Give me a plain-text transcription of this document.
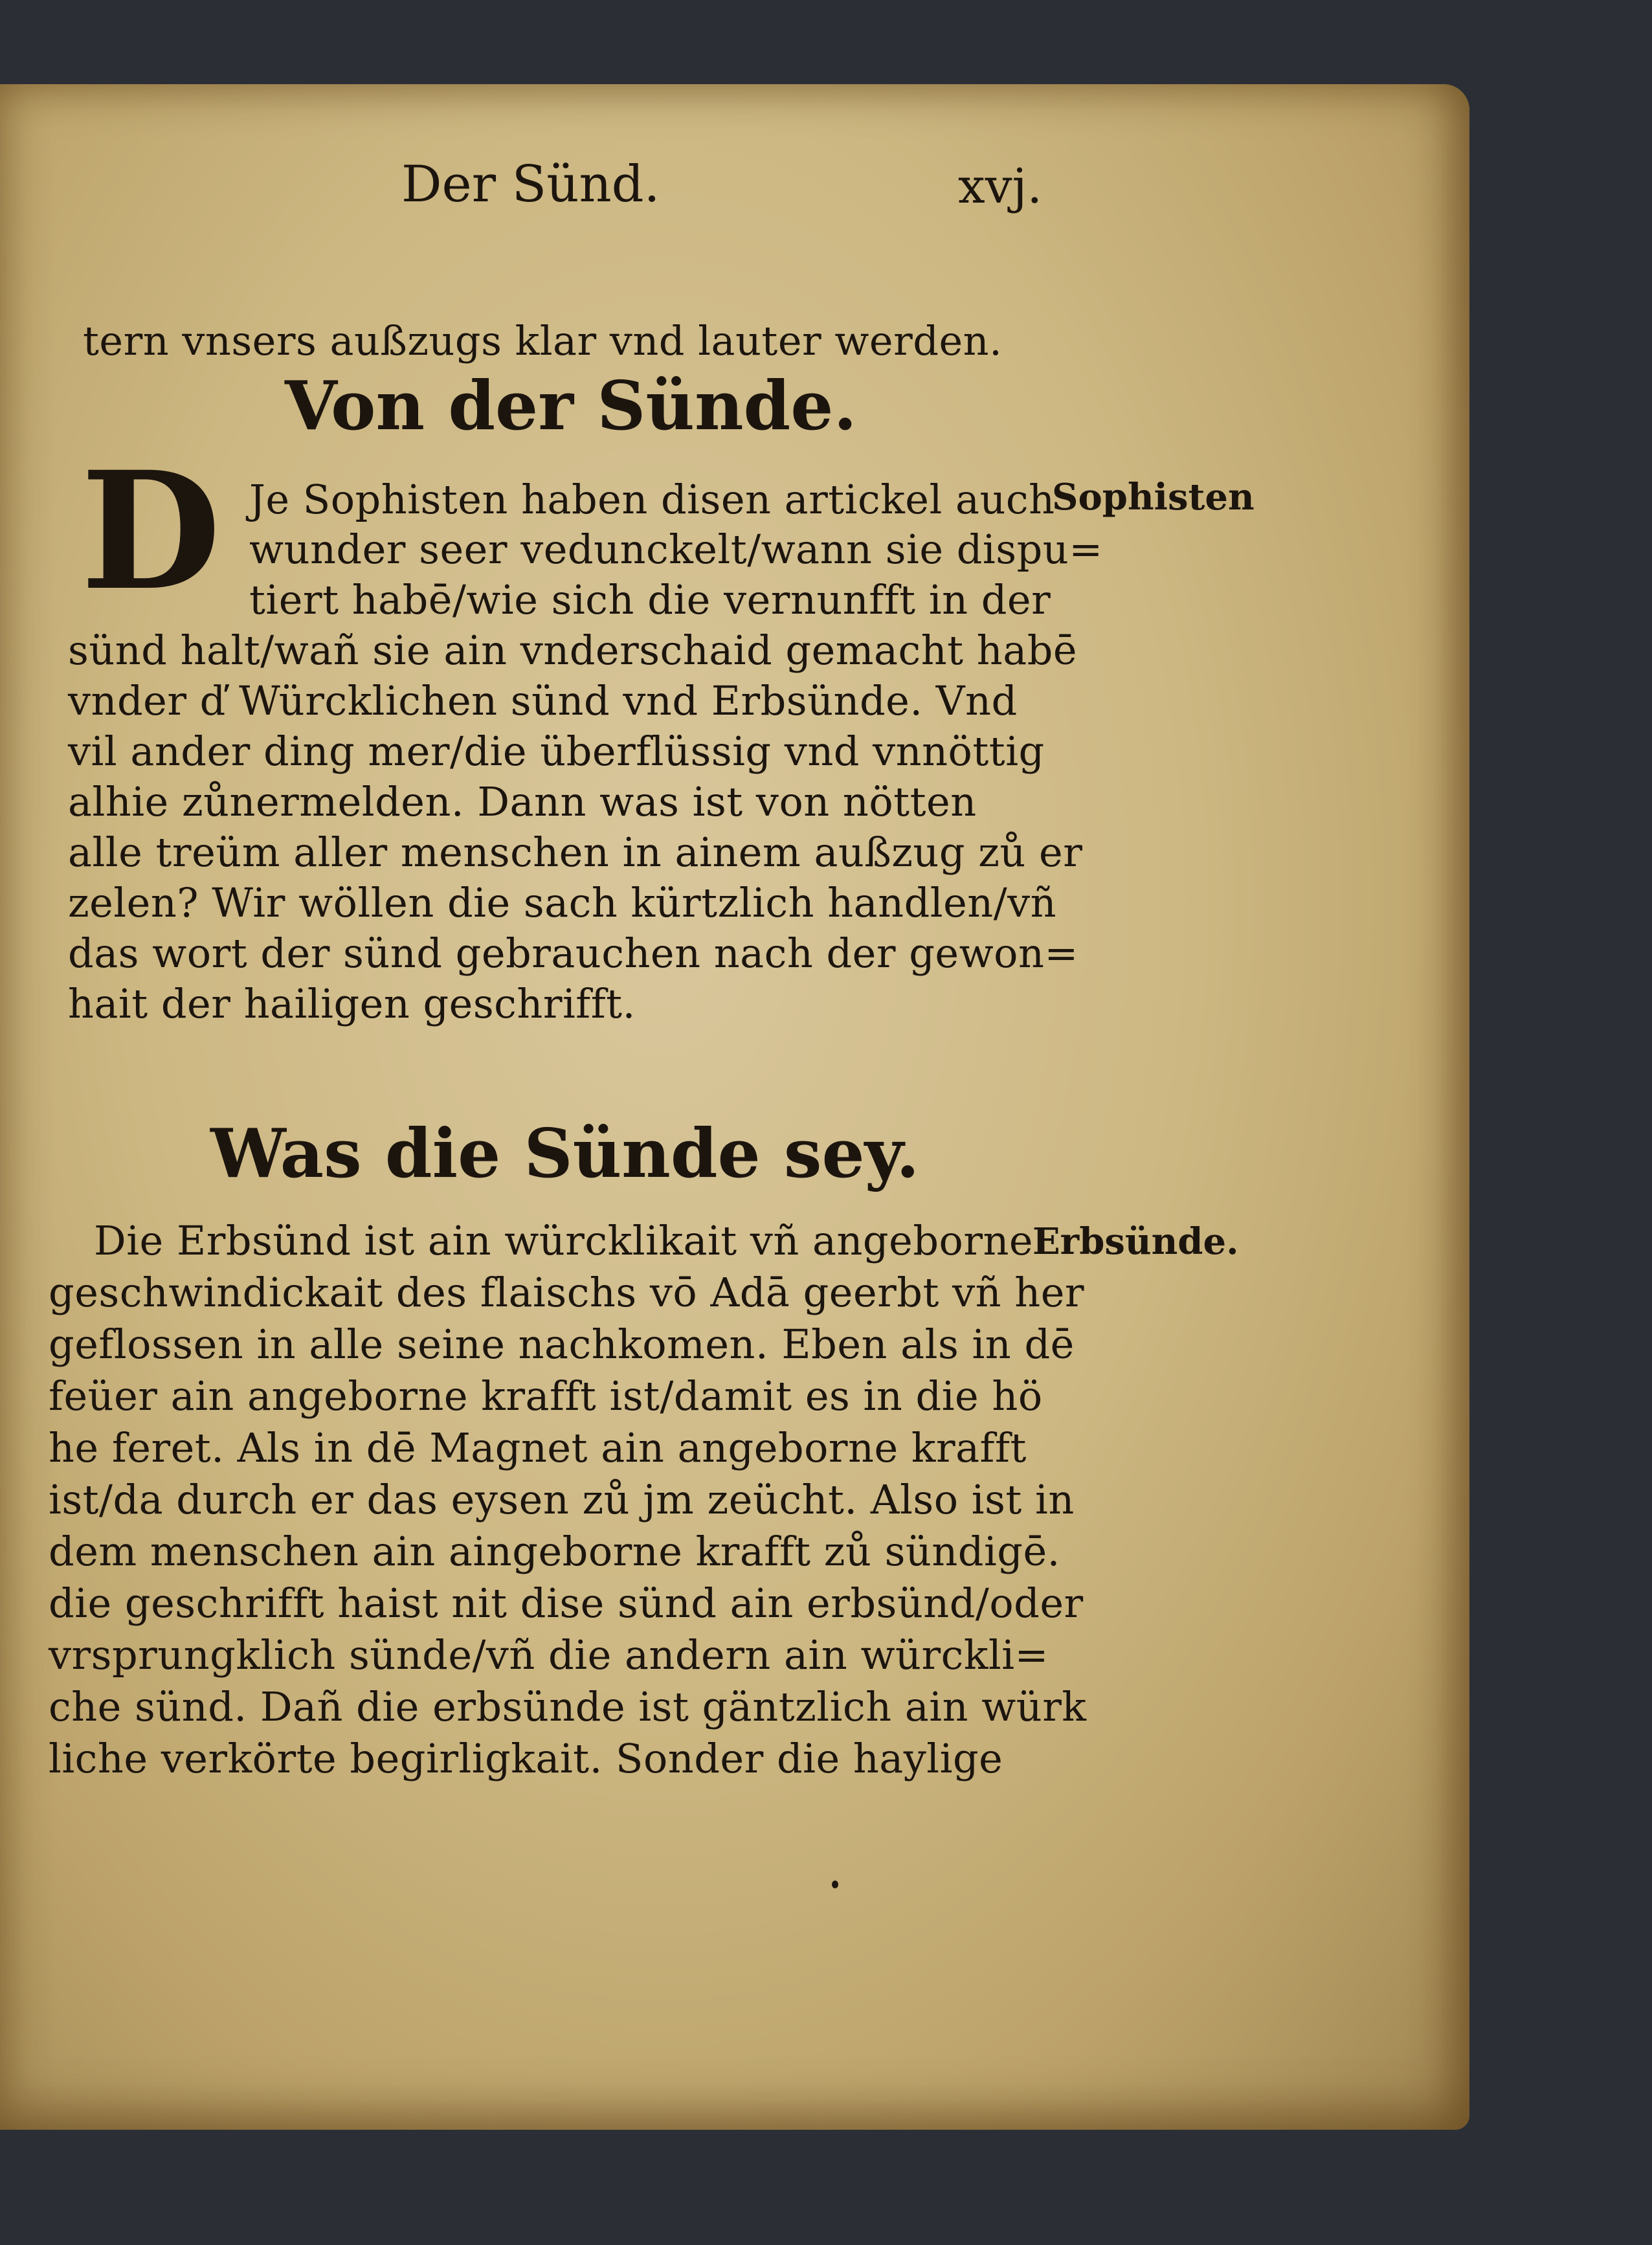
Der Sünd.	xvj.
tern vnsers außzugs klar vnd lauter werden.
Von der Sünde.
D Je Sophisten haben disen artickel auch
wunder seer vedunckelt/wann sie dispu=
tiert habē/wie sich die vernunfft in der
sünd halt/wañ sie ain vnderschaid gemacht habē
vnder ď Würcklichen sünd vnd Erbsünde. Vnd
vil ander ding mer/die überflüssig vnd vnnöttig
alhie zůnermelden. Dann was ist von nötten
alle treüm aller menschen in ainem außzug zů er
zelen? Wir wöllen die sach kürtzlich handlen/vñ
das wort der sünd gebrauchen nach der gewon=
hait der hailigen geschrifft.
Sophisten
Was die Sünde sey.
Die Erbsünd ist ain würcklikait vñ angeborne
geschwindickait des flaischs vō Adā geerbt vñ her
geflossen in alle seine nachkomen. Eben als in dē
feüer ain angeborne krafft ist/damit es in die hö
he feret. Als in dē Magnet ain angeborne krafft
ist/da durch er das eysen zů jm zeücht. Also ist in
dem menschen ain aingeborne krafft zů sündigē.
die geschrifft haist nit dise sünd ain erbsünd/oder
vrsprungklich sünde/vñ die andern ain würckli=
che sünd. Dañ die erbsünde ist gäntzlich ain würk
liche verkörte begirligkait. Sonder die haylige
Erbsünde.
